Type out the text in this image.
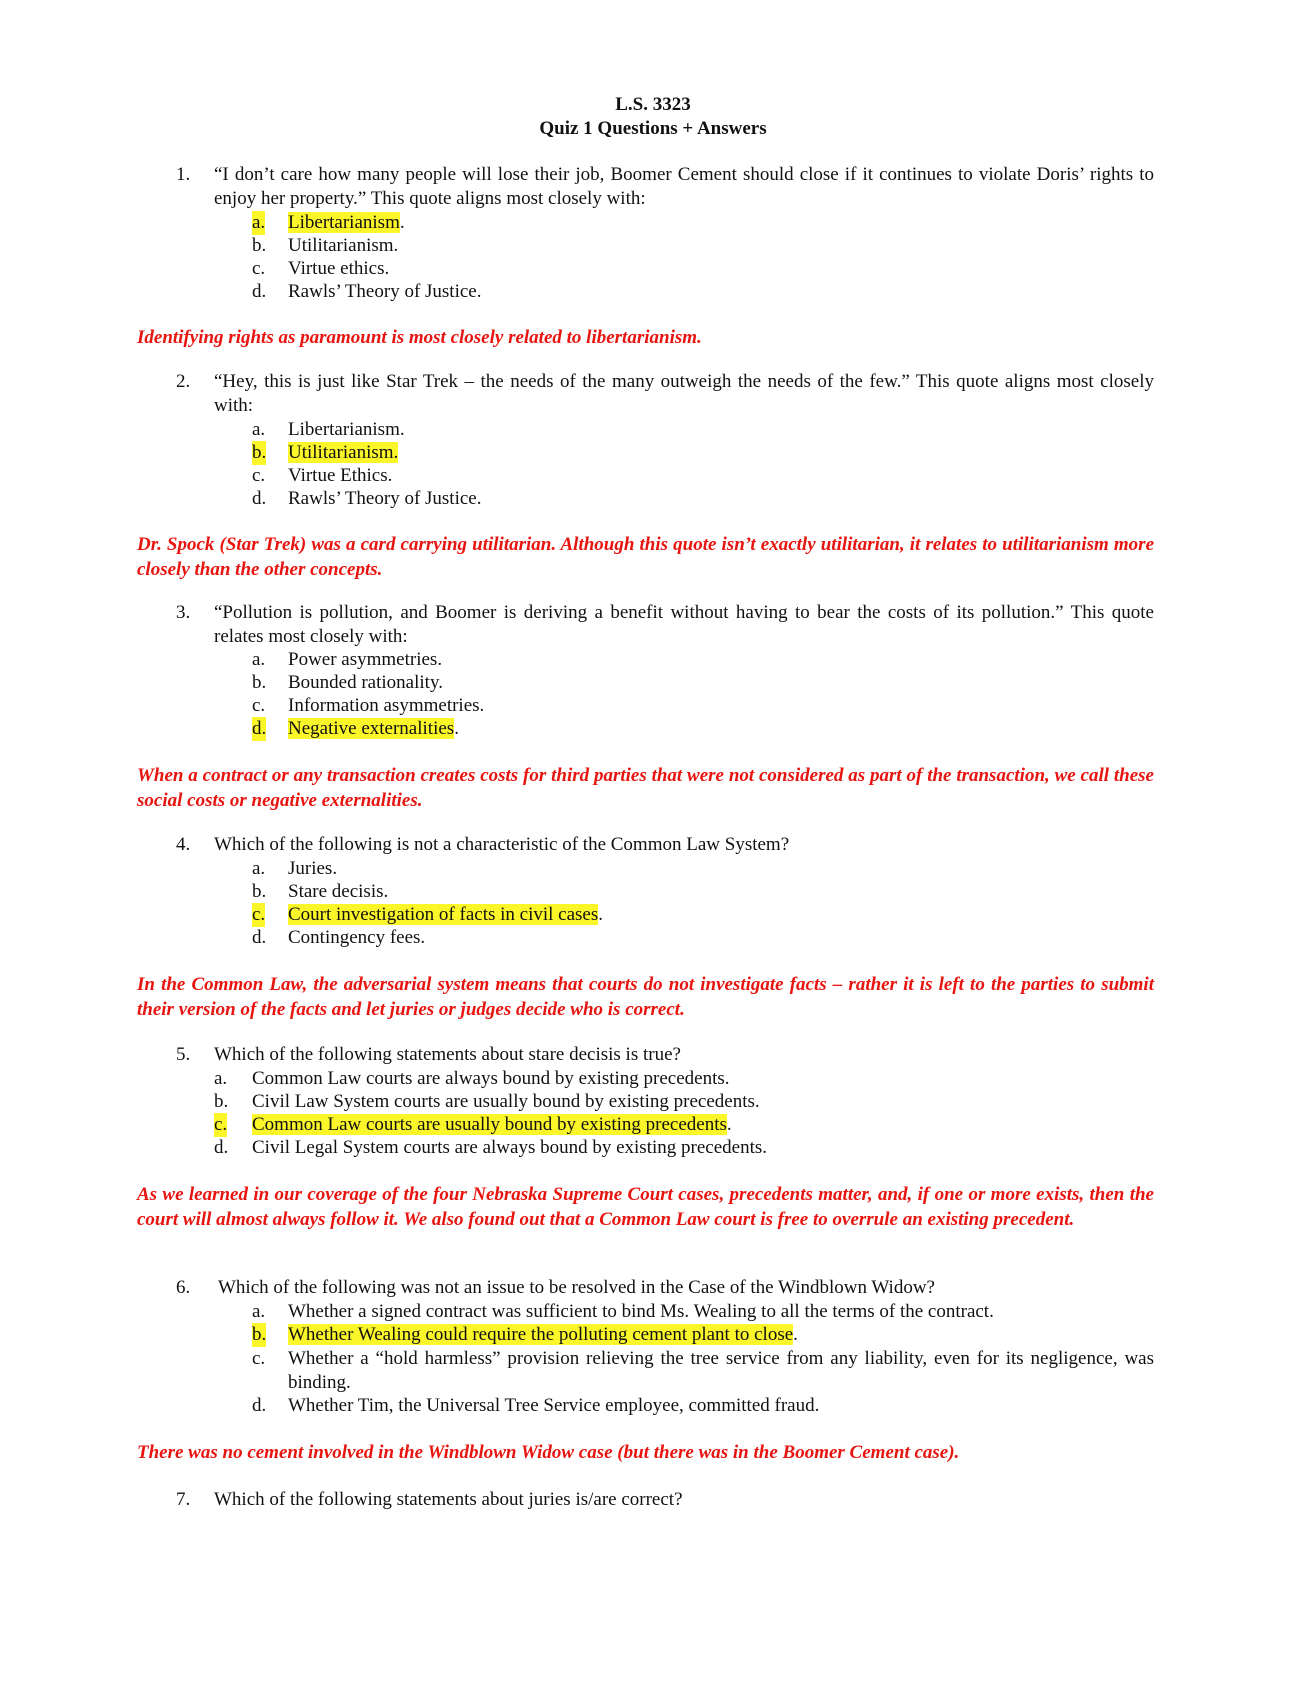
L.S. 3323
Quiz 1 Questions + Answers
1.	“I don’t care how many people will lose their job, Boomer Cement should close if it continues to violate Doris’ rights to enjoy her property.” This quote aligns most closely with:
a. Libertarianism.
b. Utilitarianism.
c. Virtue ethics.
d. Rawls’ Theory of Justice.
Identifying rights as paramount is most closely related to libertarianism.
2.	“Hey, this is just like Star Trek – the needs of the many outweigh the needs of the few.” This quote aligns most closely with:
a. Libertarianism.
b. Utilitarianism.
c. Virtue Ethics.
d. Rawls’ Theory of Justice.
Dr. Spock (Star Trek) was a card carrying utilitarian. Although this quote isn’t exactly utilitarian, it relates to utilitarianism more closely than the other concepts.
3.	“Pollution is pollution, and Boomer is deriving a benefit without having to bear the costs of its pollution.” This quote relates most closely with:
a. Power asymmetries.
b. Bounded rationality.
c. Information asymmetries.
d. Negative externalities.
When a contract or any transaction creates costs for third parties that were not considered as part of the transaction, we call these social costs or negative externalities.
4.	Which of the following is not a characteristic of the Common Law System?
a. Juries.
b. Stare decisis.
c. Court investigation of facts in civil cases.
d. Contingency fees.
In the Common Law, the adversarial system means that courts do not investigate facts – rather it is left to the parties to submit their version of the facts and let juries or judges decide who is correct.
5.	Which of the following statements about stare decisis is true?
a. Common Law courts are always bound by existing precedents.
b. Civil Law System courts are usually bound by existing precedents.
c. Common Law courts are usually bound by existing precedents.
d. Civil Legal System courts are always bound by existing precedents.
As we learned in our coverage of the four Nebraska Supreme Court cases, precedents matter, and, if one or more exists, then the court will almost always follow it. We also found out that a Common Law court is free to overrule an existing precedent.
6.	Which of the following was not an issue to be resolved in the Case of the Windblown Widow?
a. Whether a signed contract was sufficient to bind Ms. Wealing to all the terms of the contract.
b. Whether Wealing could require the polluting cement plant to close.
c. Whether a “hold harmless” provision relieving the tree service from any liability, even for its negligence, was binding.
d. Whether Tim, the Universal Tree Service employee, committed fraud.
There was no cement involved in the Windblown Widow case (but there was in the Boomer Cement case).
7.	Which of the following statements about juries is/are correct?
